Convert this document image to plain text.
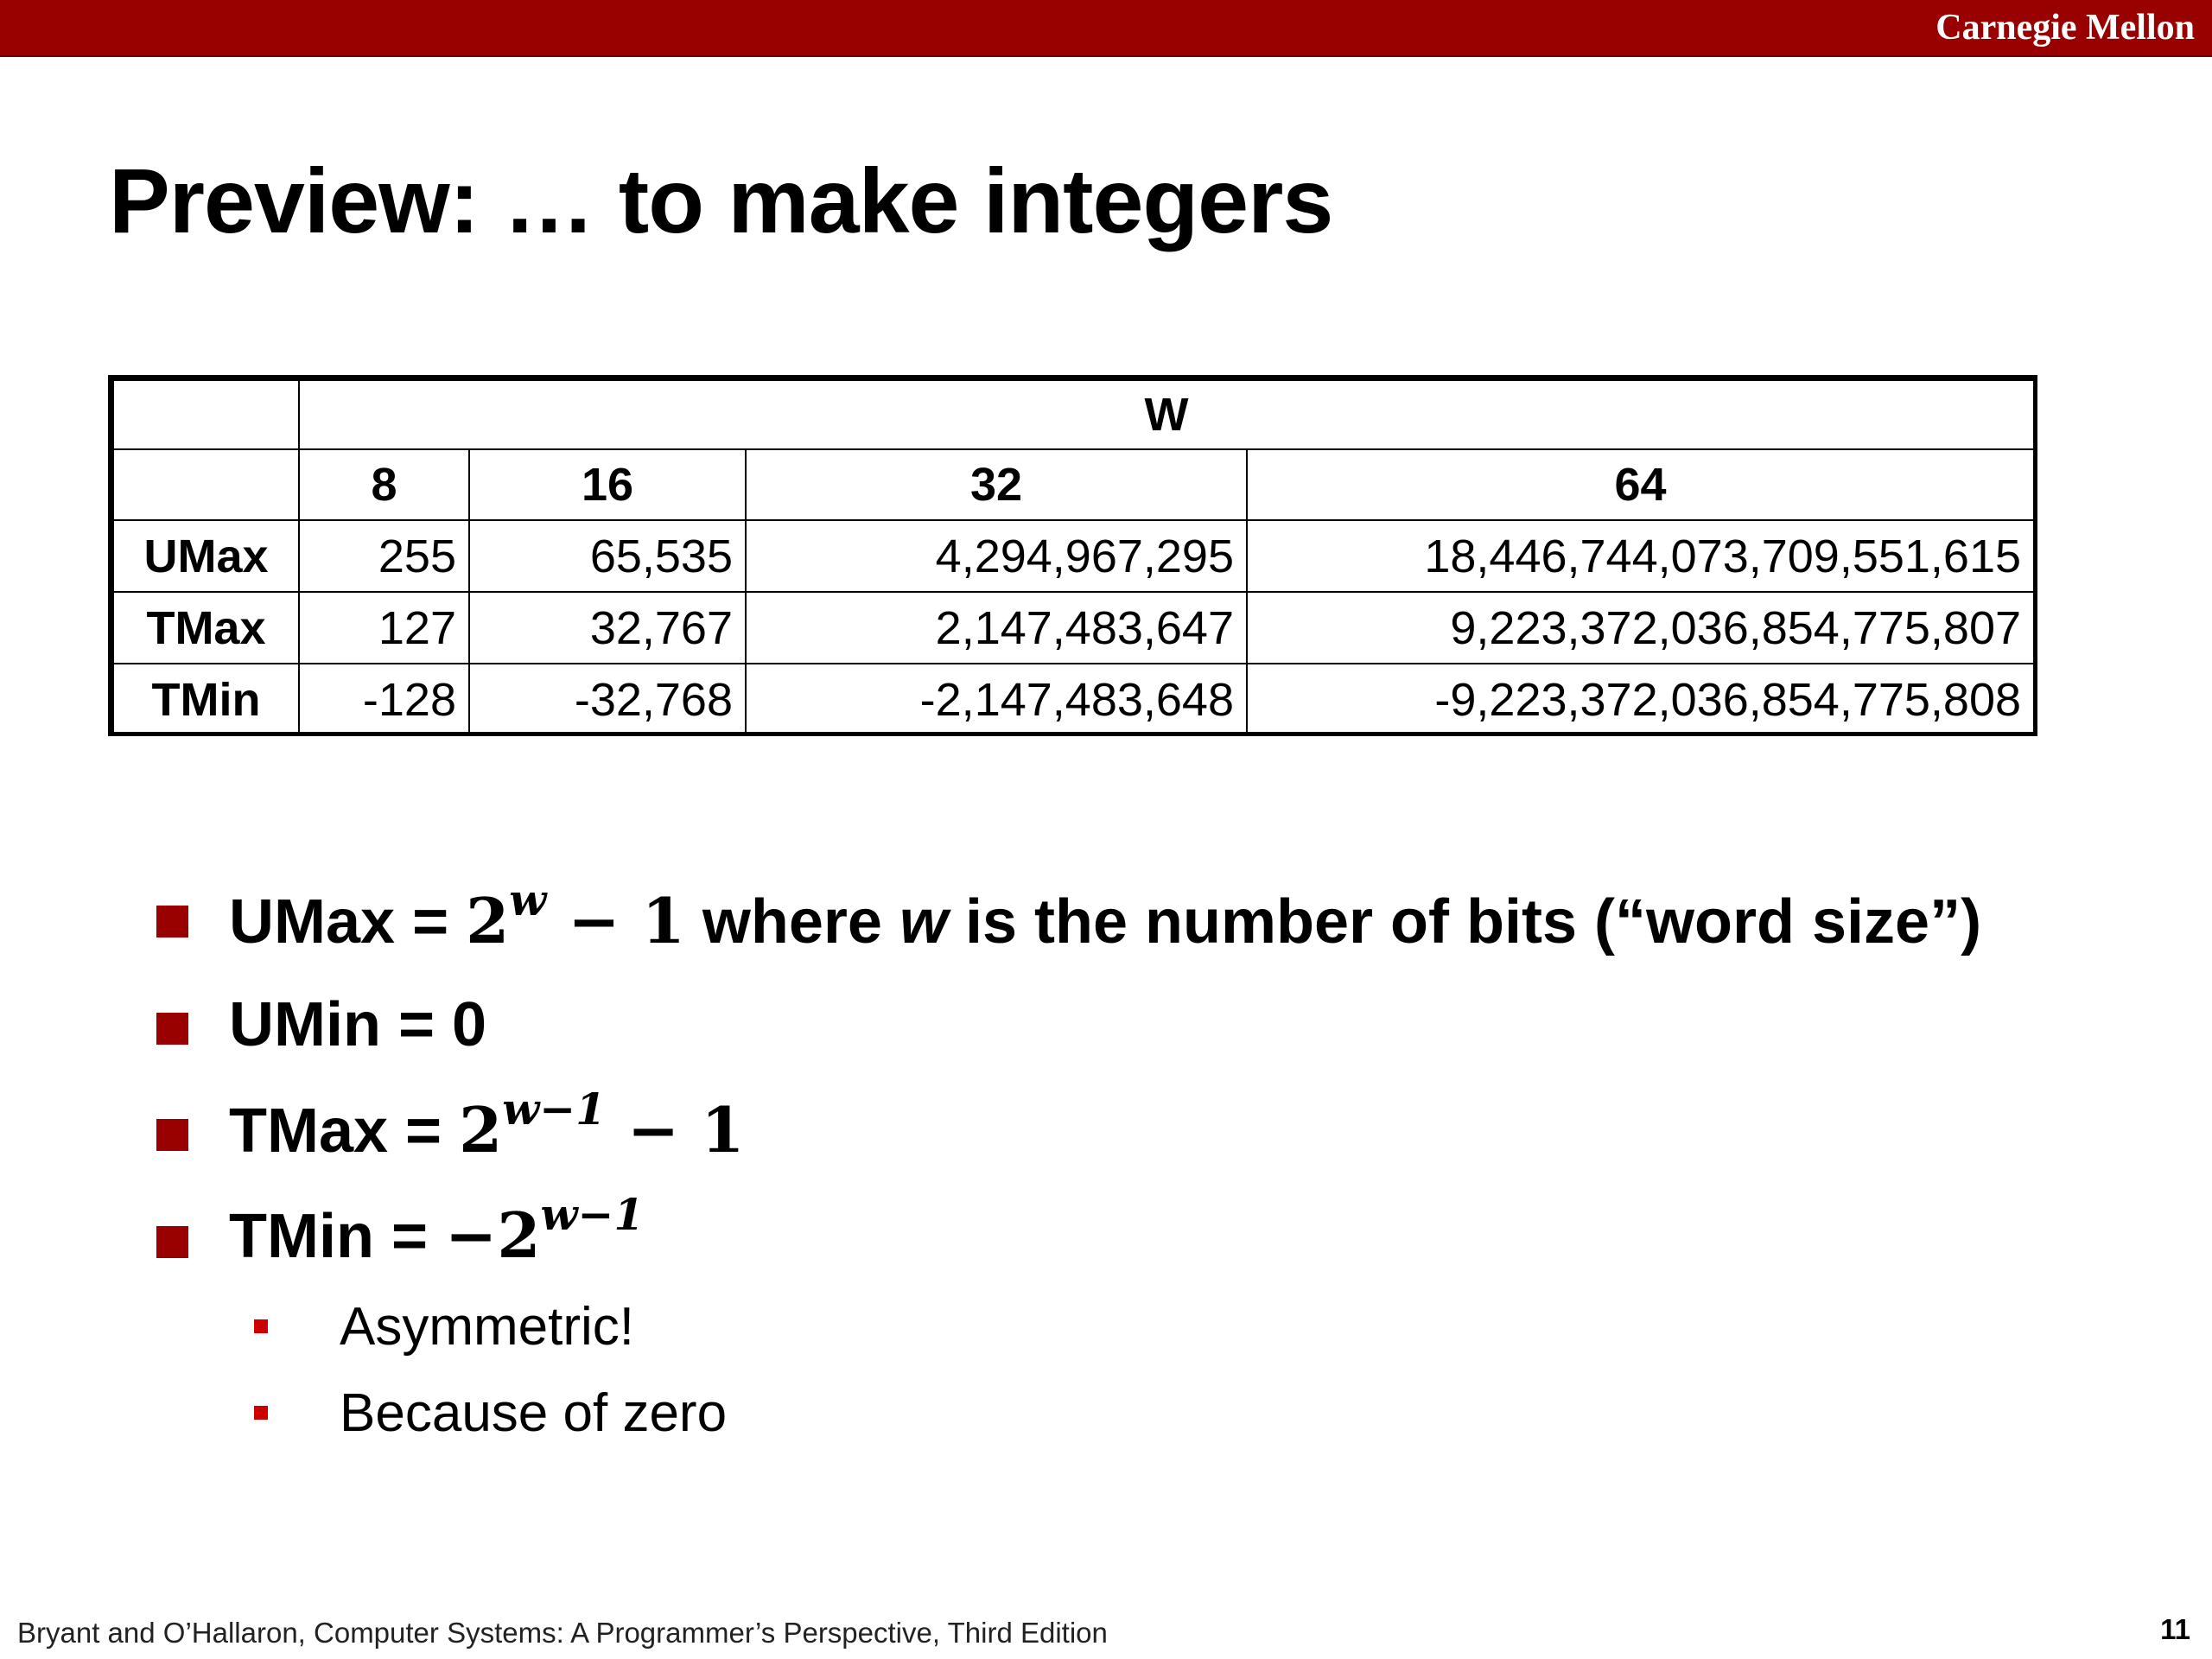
Carnegie Mellon
Preview: … to make integers
	W			
	8	16	32	64
UMax	255	65,535	4,294,967,295	18,446,744,073,709,551,615
TMax	127	32,767	2,147,483,647	9,223,372,036,854,775,807
TMin	-128	-32,768	-2,147,483,648	-9,223,372,036,854,775,808
UMax = $2^w - 1$ where w is the number of bits (“word size”)
UMin = 0
TMax = $2^{w-1} - 1$
TMin = $-2^{w-1}$
Asymmetric!
Because of zero
Bryant and O’Hallaron, Computer Systems: A Programmer’s Perspective, Third Edition	11
